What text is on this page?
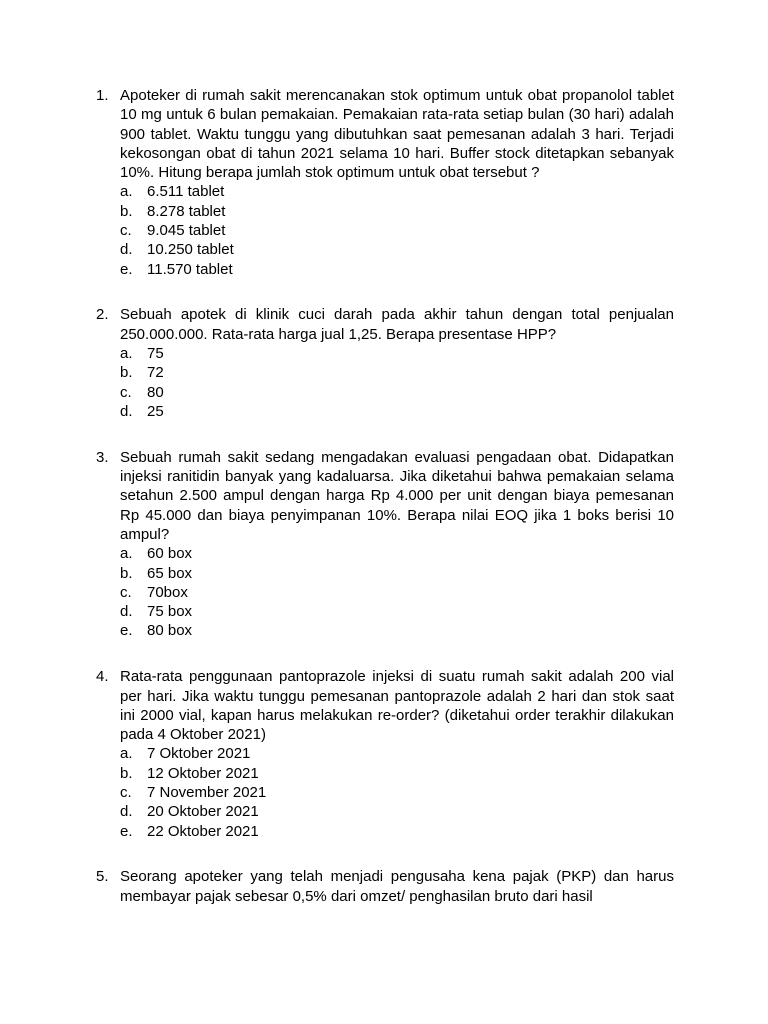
1. Apoteker di rumah sakit merencanakan stok optimum untuk obat propanolol tablet 10 mg untuk 6 bulan pemakaian. Pemakaian rata-rata setiap bulan (30 hari) adalah 900 tablet. Waktu tunggu yang dibutuhkan saat pemesanan adalah 3 hari. Terjadi kekosongan obat di tahun 2021 selama 10 hari. Buffer stock ditetapkan sebanyak 10%. Hitung berapa jumlah stok optimum untuk obat tersebut ?
a. 6.511 tablet
b. 8.278 tablet
c.	9.045 tablet
d. 10.250 tablet
e. 11.570 tablet
2. Sebuah apotek di klinik cuci darah pada akhir tahun dengan total penjualan 250.000.000. Rata-rata harga jual 1,25. Berapa presentase HPP?
a. 75
b. 72
c.	80
d. 25
3. Sebuah rumah sakit sedang mengadakan evaluasi pengadaan obat. Didapatkan injeksi ranitidin banyak yang kadaluarsa. Jika diketahui bahwa pemakaian selama setahun 2.500 ampul dengan harga Rp 4.000 per unit dengan biaya pemesanan Rp 45.000 dan biaya penyimpanan 10%. Berapa nilai EOQ jika 1 boks berisi 10 ampul?
a. 60 box
b. 65 box
c.	70box
d. 75 box
e. 80 box
4. Rata-rata penggunaan pantoprazole injeksi di suatu rumah sakit adalah 200 vial per hari. Jika waktu tunggu pemesanan pantoprazole adalah 2 hari dan stok saat ini 2000 vial, kapan harus melakukan re-order? (diketahui order terakhir dilakukan pada 4 Oktober 2021)
a. 7 Oktober 2021
b. 12 Oktober 2021
c.	7 November 2021
d. 20 Oktober 2021
e. 22 Oktober 2021
5. Seorang apoteker yang telah menjadi pengusaha kena pajak (PKP) dan harus membayar pajak sebesar 0,5% dari omzet/ penghasilan bruto dari hasil
